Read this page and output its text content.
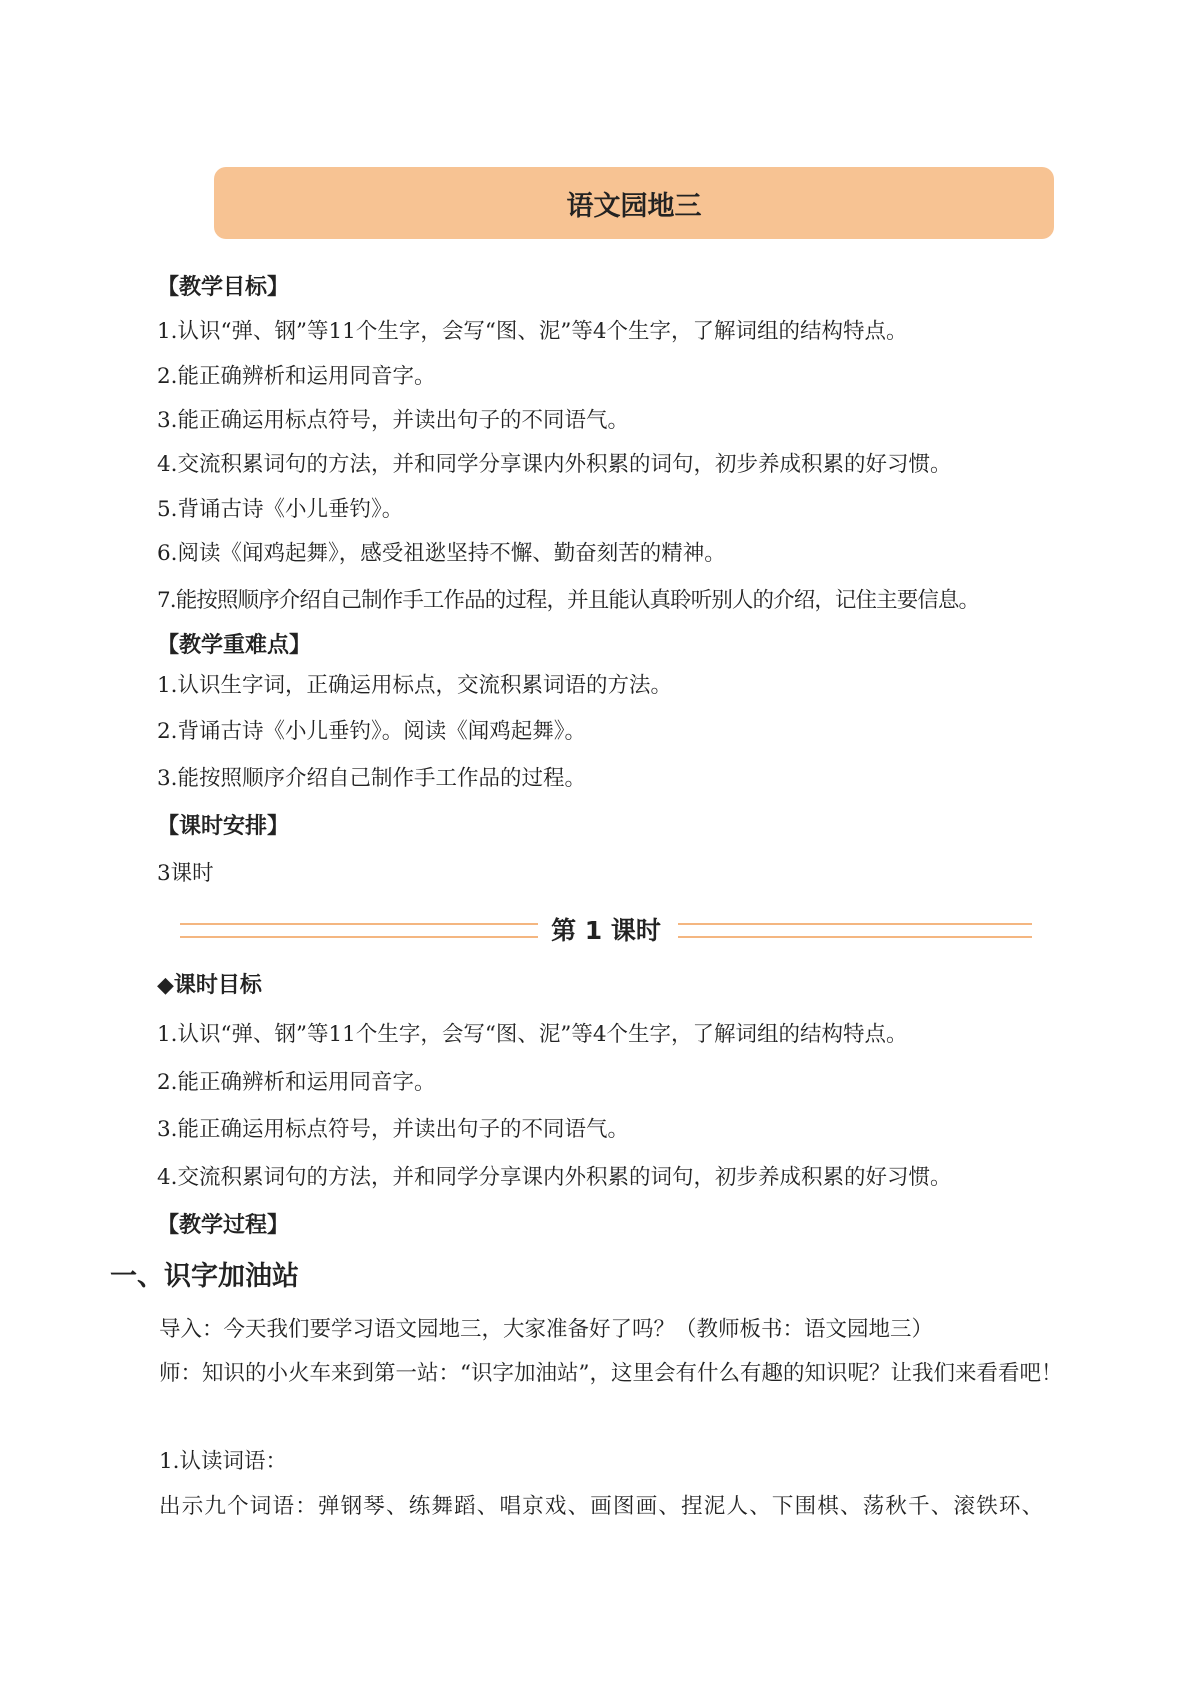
语文园地三
【教学目标】
1.认识“弹、钢”等11个生字，会写“图、泥”等4个生字，了解词组的结构特点。
2.能正确辨析和运用同音字。
3.能正确运用标点符号，并读出句子的不同语气。
4.交流积累词句的方法，并和同学分享课内外积累的词句，初步养成积累的好习惯。
5.背诵古诗《小儿垂钓》。
6.阅读《闻鸡起舞》，感受祖逖坚持不懈、勤奋刻苦的精神。
7.能按照顺序介绍自己制作手工作品的过程，并且能认真聆听别人的介绍，记住主要信息。
【教学重难点】
1.认识生字词，正确运用标点，交流积累词语的方法。
2.背诵古诗《小儿垂钓》。阅读《闻鸡起舞》。
3.能按照顺序介绍自己制作手工作品的过程。
【课时安排】
3课时
第 1 课时
◆课时目标
1.认识“弹、钢”等11个生字，会写“图、泥”等4个生字，了解词组的结构特点。
2.能正确辨析和运用同音字。
3.能正确运用标点符号，并读出句子的不同语气。
4.交流积累词句的方法，并和同学分享课内外积累的词句，初步养成积累的好习惯。
【教学过程】
一、识字加油站
导入：今天我们要学习语文园地三，大家准备好了吗？（教师板书：语文园地三）
师：知识的小火车来到第一站：“识字加油站”，这里会有什么有趣的知识呢？让我们来看看吧！
1.认读词语：
出示九个词语：弹钢琴、练舞蹈、唱京戏、画图画、捏泥人、下围棋、荡秋千、滚铁环、
